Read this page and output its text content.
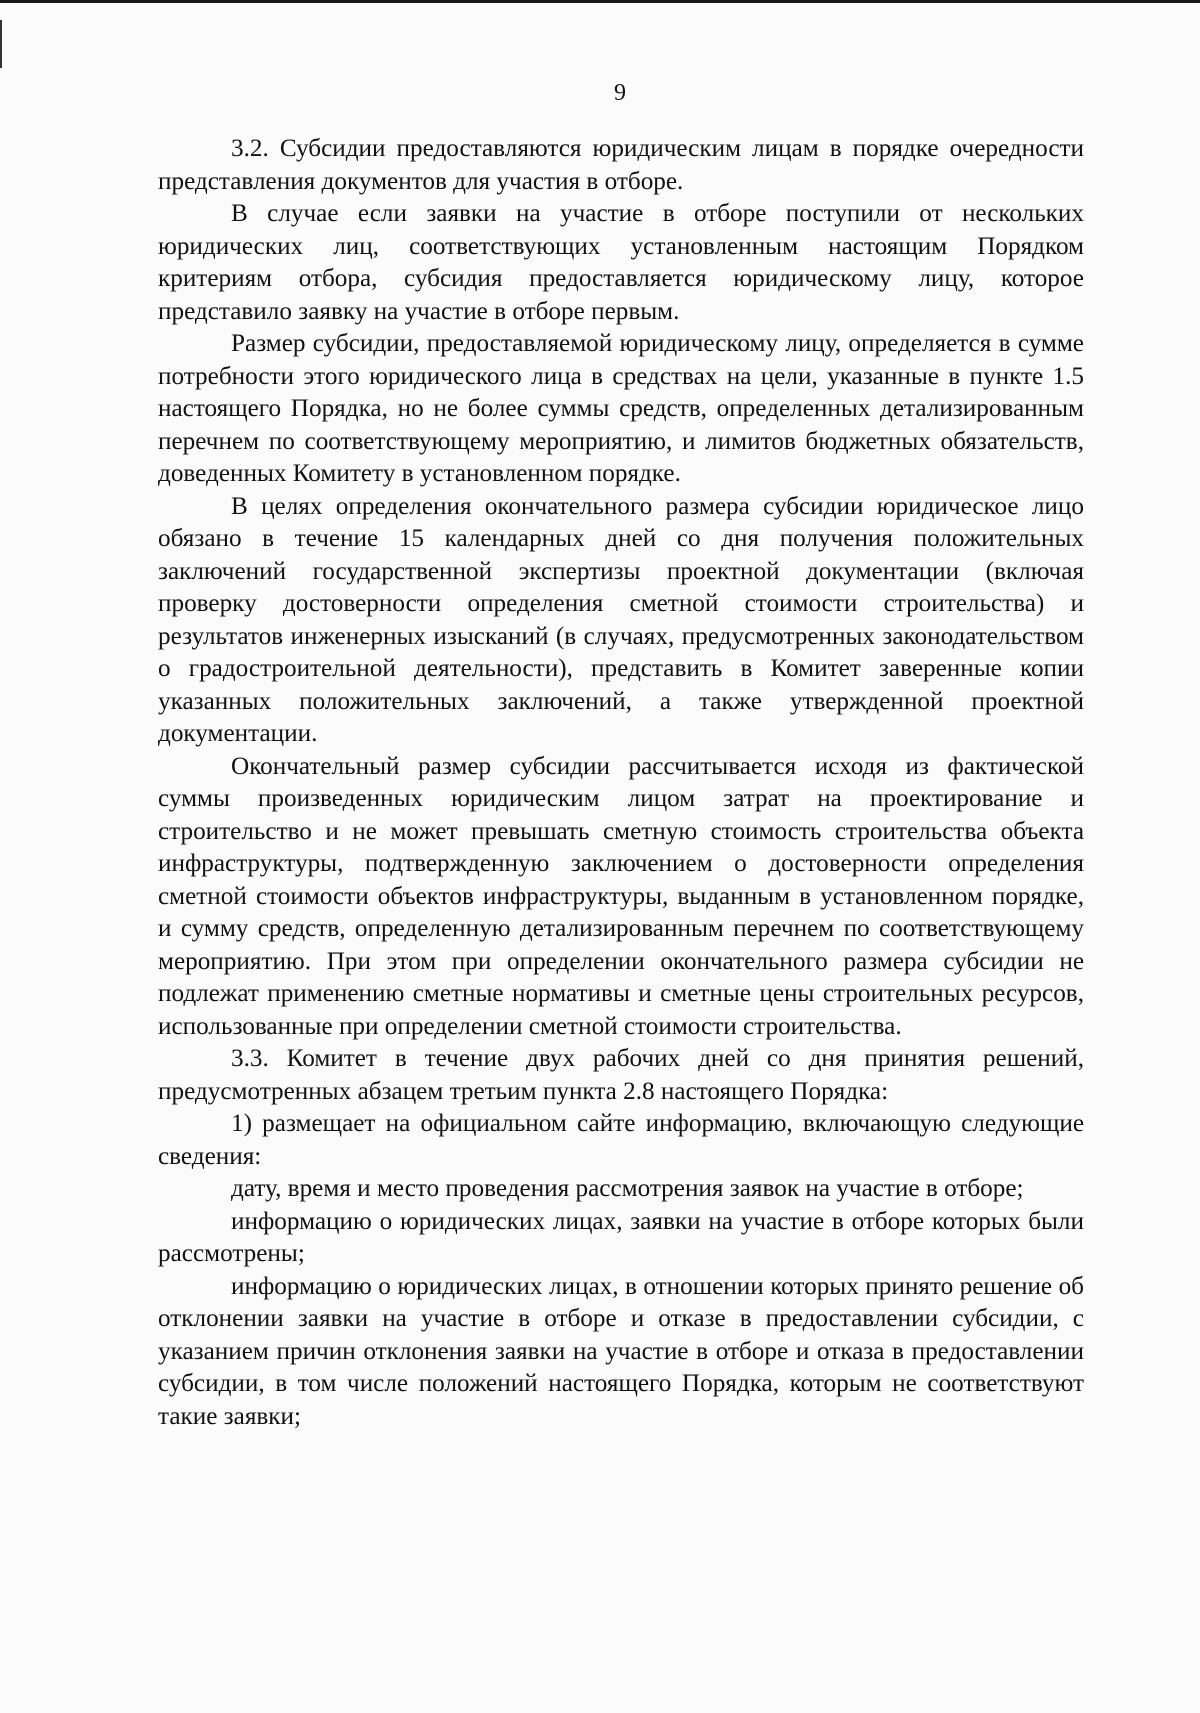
9

3.2. Субсидии предоставляются юридическим лицам в порядке очередности представления документов для участия в отборе.

В случае если заявки на участие в отборе поступили от нескольких юридических лиц, соответствующих установленным настоящим Порядком критериям отбора, субсидия предоставляется юридическому лицу, которое представило заявку на участие в отборе первым.

Размер субсидии, предоставляемой юридическому лицу, определяется в сумме потребности этого юридического лица в средствах на цели, указанные в пункте 1.5 настоящего Порядка, но не более суммы средств, определенных детализированным перечнем по соответствующему мероприятию, и лимитов бюджетных обязательств, доведенных Комитету в установленном порядке.

В целях определения окончательного размера субсидии юридическое лицо обязано в течение 15 календарных дней со дня получения положительных заключений государственной экспертизы проектной документации (включая проверку достоверности определения сметной стоимости строительства) и результатов инженерных изысканий (в случаях, предусмотренных законодательством о градостроительной деятельности), представить в Комитет заверенные копии указанных положительных заключений, а также утвержденной проектной документации.

Окончательный размер субсидии рассчитывается исходя из фактической суммы произведенных юридическим лицом затрат на проектирование и строительство и не может превышать сметную стоимость строительства объекта инфраструктуры, подтвержденную заключением о достоверности определения сметной стоимости объектов инфраструктуры, выданным в установленном порядке, и сумму средств, определенную детализированным перечнем по соответствующему мероприятию. При этом при определении окончательного размера субсидии не подлежат применению сметные нормативы и сметные цены строительных ресурсов, использованные при определении сметной стоимости строительства.

3.3. Комитет в течение двух рабочих дней со дня принятия решений, предусмотренных абзацем третьим пункта 2.8 настоящего Порядка:

1) размещает на официальном сайте информацию, включающую следующие сведения:

дату, время и место проведения рассмотрения заявок на участие в отборе;

информацию о юридических лицах, заявки на участие в отборе которых были рассмотрены;

информацию о юридических лицах, в отношении которых принято решение об отклонении заявки на участие в отборе и отказе в предоставлении субсидии, с указанием причин отклонения заявки на участие в отборе и отказа в предоставлении субсидии, в том числе положений настоящего Порядка, которым не соответствуют такие заявки;
